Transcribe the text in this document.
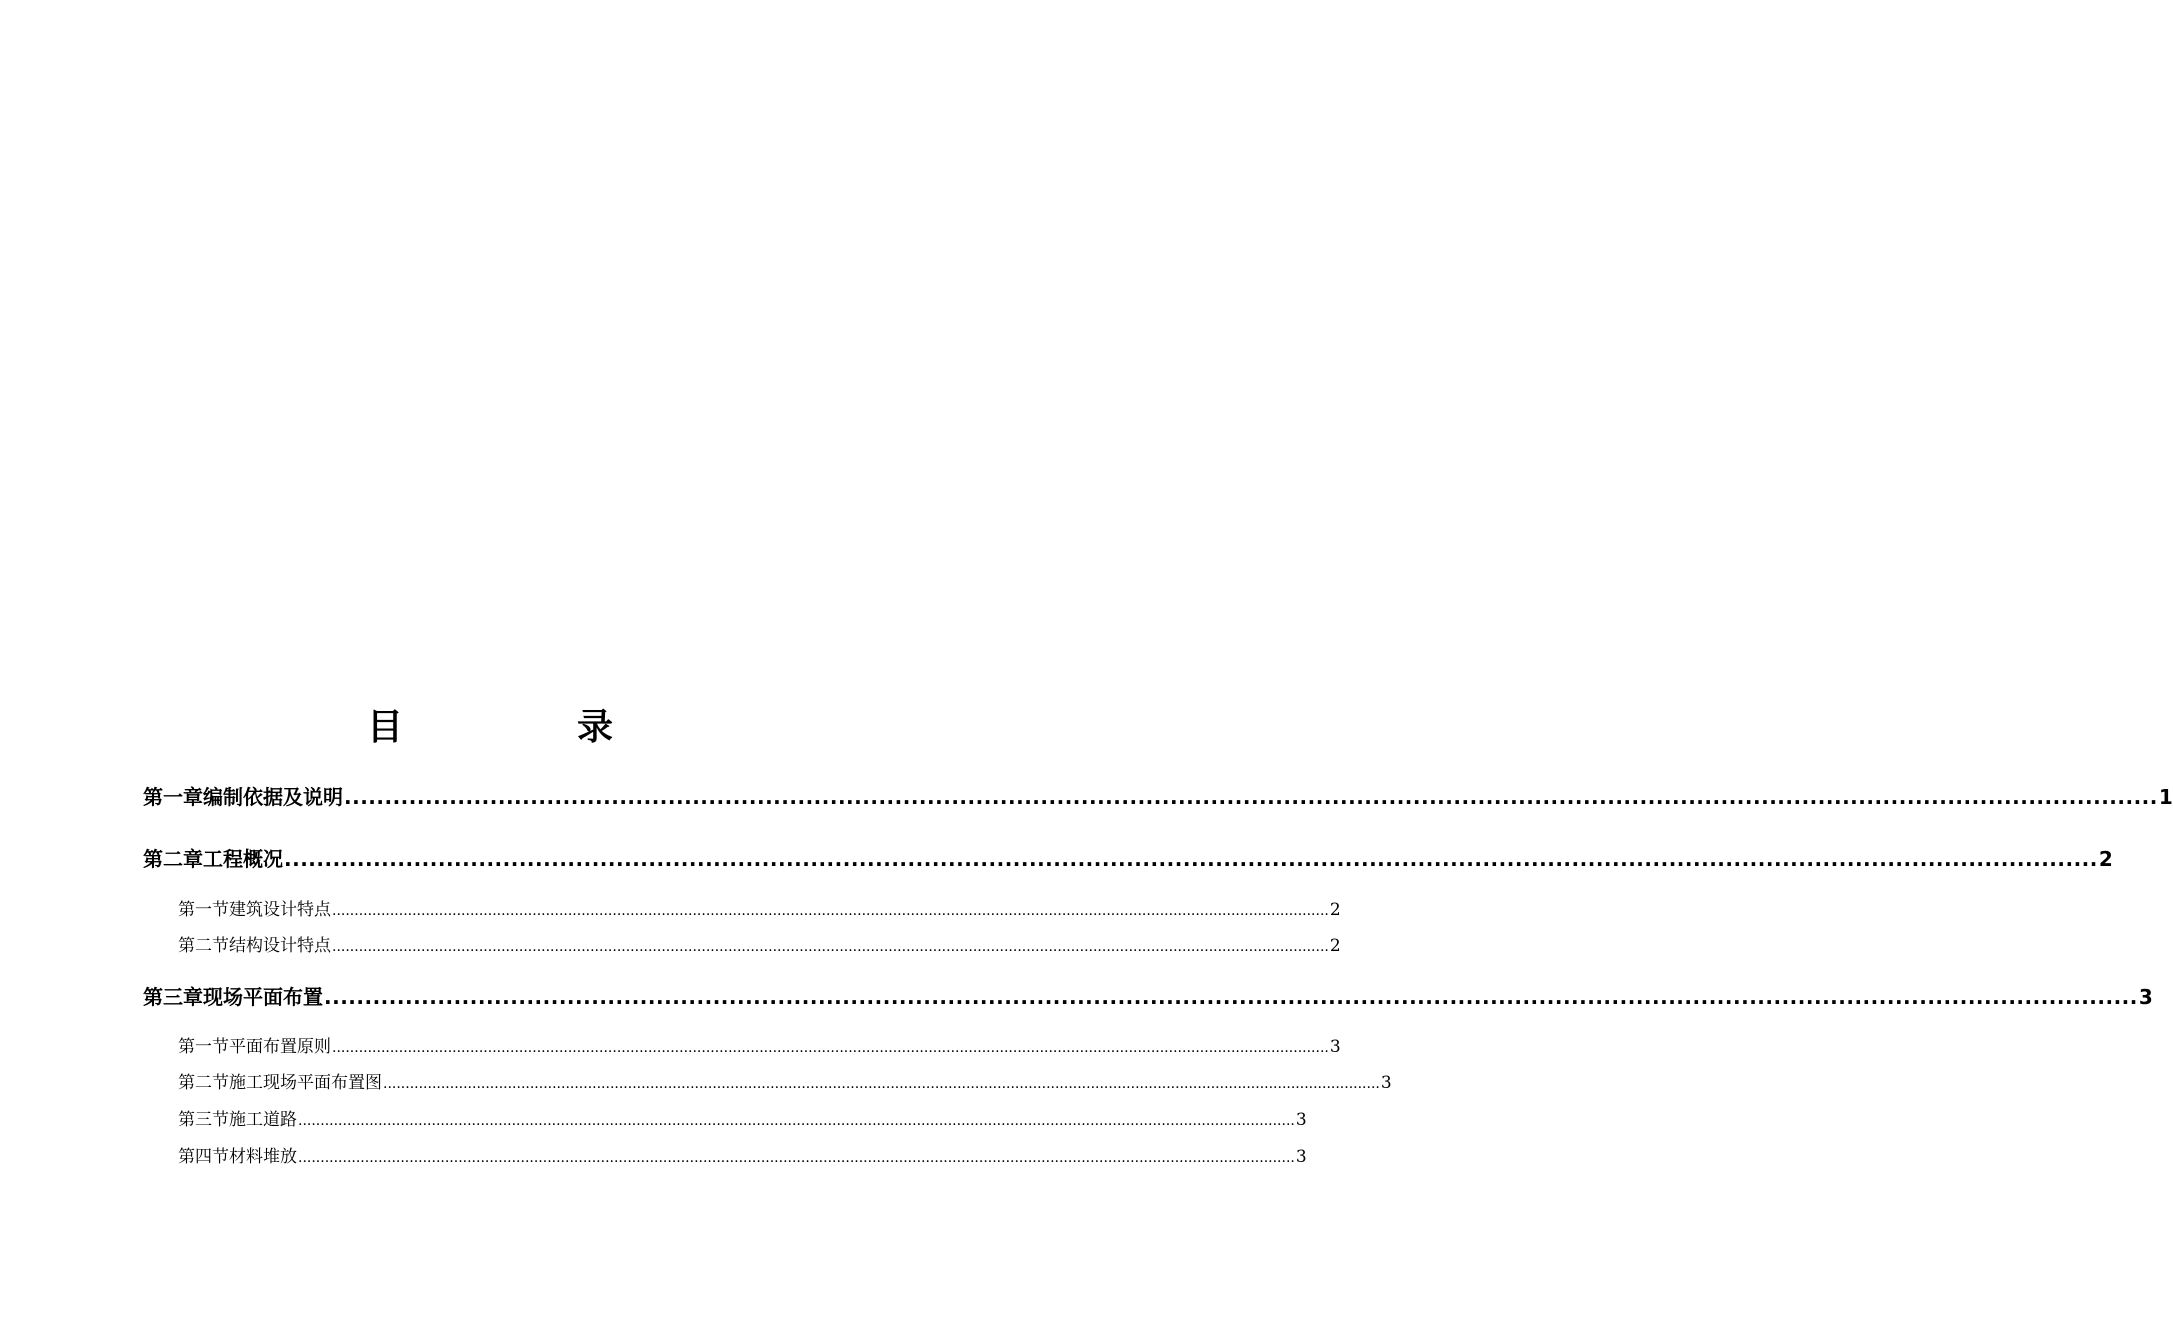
目	录
第一章 编制依据及说明 ................................................................................................................................................................................................................................ 1
第二章 工程概况 ................................................................................................................................................................................................................................ 2
第一节 建筑设计特点 ................................................................................................................................................................................................................................ 2
第二节 结构设计特点 ................................................................................................................................................................................................................................ 2
第三章 现场平面布置 ................................................................................................................................................................................................................................ 3
第一节 平面布置原则 ................................................................................................................................................................................................................................ 3
第二节 施工现场平面布置图 ................................................................................................................................................................................................................................ 3
第三节 施工道路 ................................................................................................................................................................................................................................ 3
第四节 材料堆放 ................................................................................................................................................................................................................................ 3
